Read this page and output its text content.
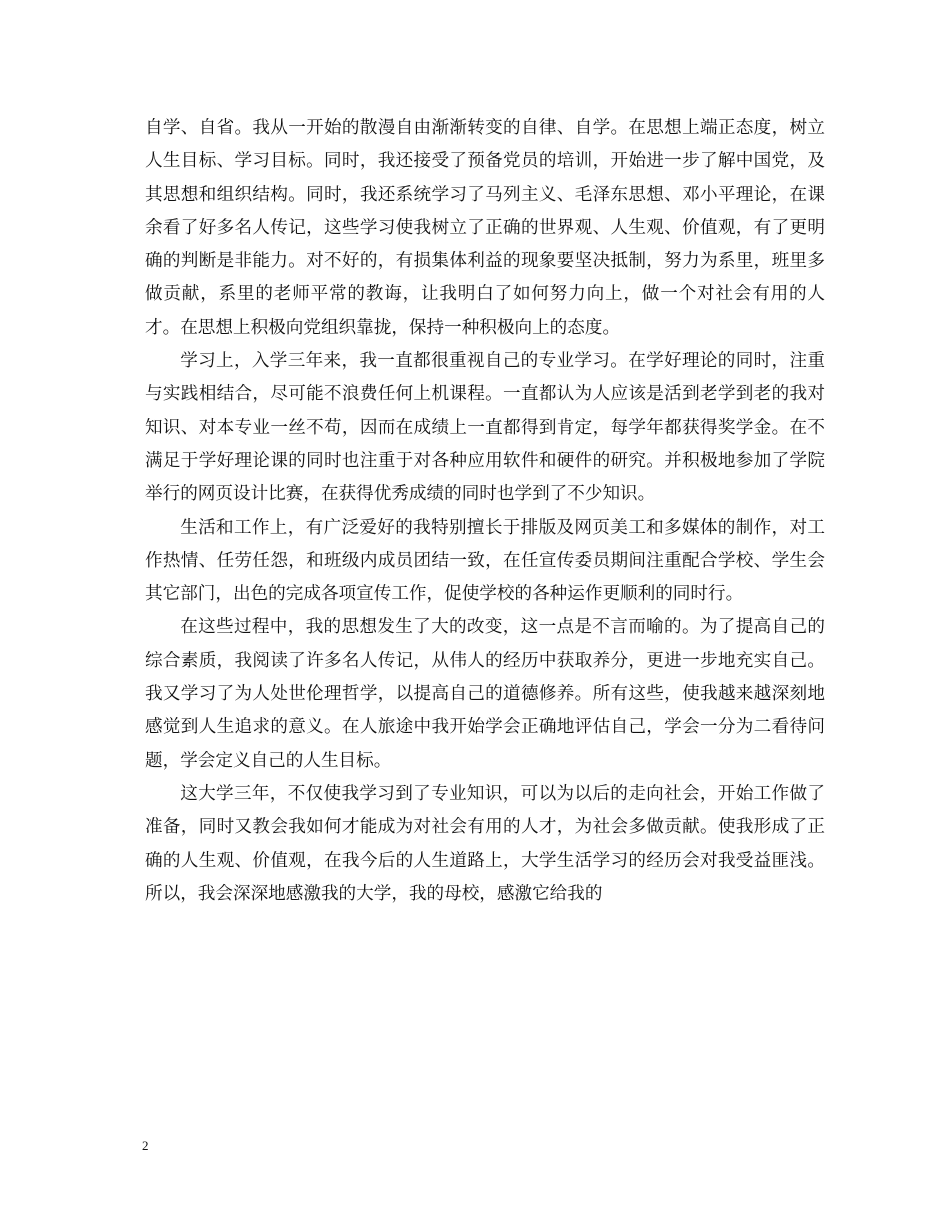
自学、自省。我从一开始的散漫自由渐渐转变的自律、自学。在思想上端正态度，树立人生目标、学习目标。同时，我还接受了预备党员的培训，开始进一步了解中国党，及其思想和组织结构。同时，我还系统学习了马列主义、毛泽东思想、邓小平理论，在课余看了好多名人传记，这些学习使我树立了正确的世界观、人生观、价值观，有了更明确的判断是非能力。对不好的，有损集体利益的现象要坚决抵制，努力为系里，班里多做贡献，系里的老师平常的教诲，让我明白了如何努力向上，做一个对社会有用的人才。在思想上积极向党组织靠拢，保持一种积极向上的态度。

学习上，入学三年来，我一直都很重视自己的专业学习。在学好理论的同时，注重与实践相结合，尽可能不浪费任何上机课程。一直都认为人应该是活到老学到老的我对知识、对本专业一丝不苟，因而在成绩上一直都得到肯定，每学年都获得奖学金。在不满足于学好理论课的同时也注重于对各种应用软件和硬件的研究。并积极地参加了学院举行的网页设计比赛，在获得优秀成绩的同时也学到了不少知识。

生活和工作上，有广泛爱好的我特别擅长于排版及网页美工和多媒体的制作，对工作热情、任劳任怨，和班级内成员团结一致，在任宣传委员期间注重配合学校、学生会其它部门，出色的完成各项宣传工作，促使学校的各种运作更顺利的同时行。

在这些过程中，我的思想发生了大的改变，这一点是不言而喻的。为了提高自己的综合素质，我阅读了许多名人传记，从伟人的经历中获取养分，更进一步地充实自己。我又学习了为人处世伦理哲学，以提高自己的道德修养。所有这些，使我越来越深刻地感觉到人生追求的意义。在人旅途中我开始学会正确地评估自己，学会一分为二看待问题，学会定义自己的人生目标。

这大学三年，不仅使我学习到了专业知识，可以为以后的走向社会，开始工作做了准备，同时又教会我如何才能成为对社会有用的人才，为社会多做贡献。使我形成了正确的人生观、价值观，在我今后的人生道路上，大学生活学习的经历会对我受益匪浅。所以，我会深深地感激我的大学，我的母校，感激它给我的

2
